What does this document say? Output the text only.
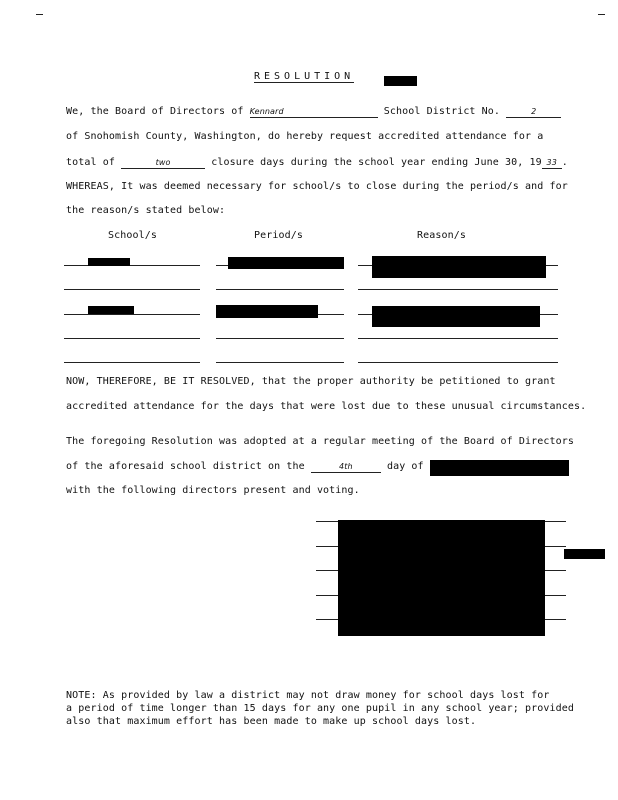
RESOLUTION
We, the Board of Directors of Kennard	School District No.	2
of Snohomish County, Washington, do hereby request accredited attendance for a
total of	two	closure days during the school year ending June 30, 19 33 .
WHEREAS, It was deemed necessary for school/s to close during the period/s and for
the reason/s stated below:
School/s	Period/s	Reason/s
NOW, THEREFORE, BE IT RESOLVED, that the proper authority be petitioned to grant
accredited attendance for the days that were lost due to these unusual circumstances.
The foregoing Resolution was adopted at a regular meeting of the Board of Directors
of the aforesaid school district on the	4th	day of
with the following directors present and voting.
NOTE: As provided by law a district may not draw money for school days lost for
a period of time longer than 15 days for any one pupil in any school year; provided
also that maximum effort has been made to make up school days lost.
